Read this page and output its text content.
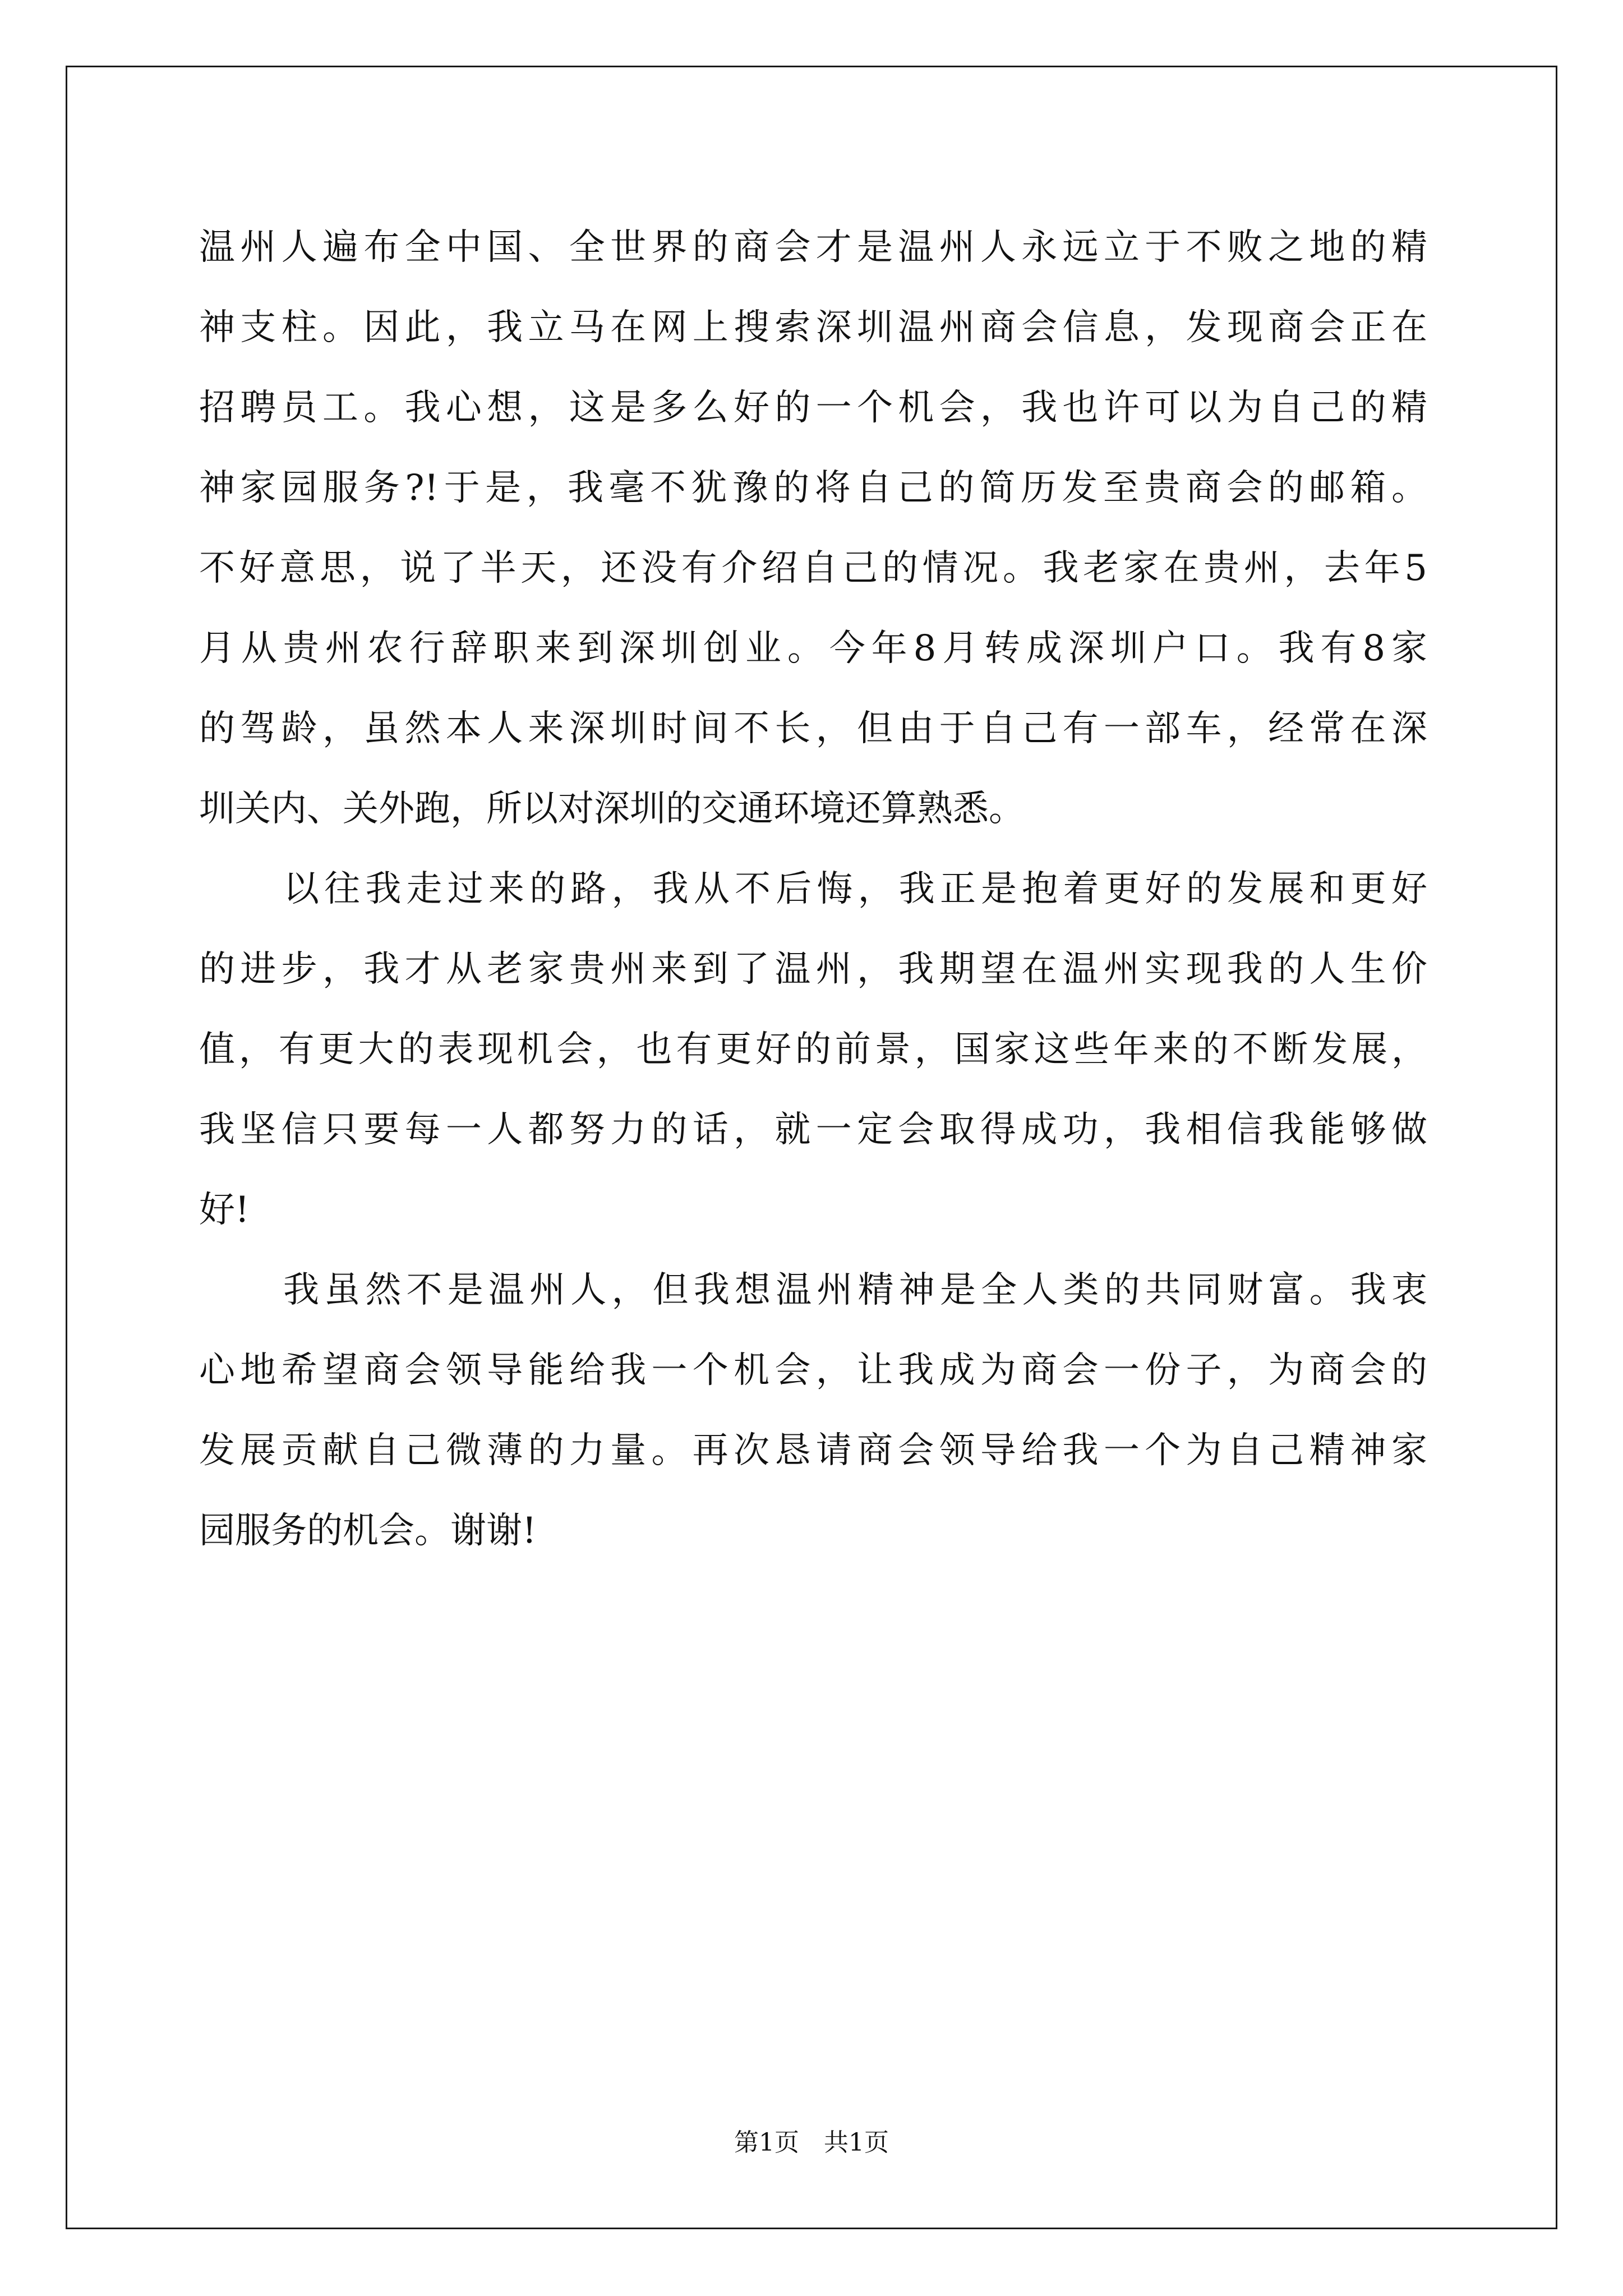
温州人遍布全中国、全世界的商会才是温州人永远立于不败之地的精
神支柱。因此，我立马在网上搜索深圳温州商会信息，发现商会正在
招聘员工。我心想，这是多么好的一个机会，我也许可以为自己的精
神家园服务?!于是，我毫不犹豫的将自己的简历发至贵商会的邮箱。
不好意思，说了半天，还没有介绍自己的情况。我老家在贵州，去年5
月从贵州农行辞职来到深圳创业。今年8月转成深圳户口。我有8家
的驾龄，虽然本人来深圳时间不长，但由于自己有一部车，经常在深
圳关内、关外跑，所以对深圳的交通环境还算熟悉。
以往我走过来的路，我从不后悔，我正是抱着更好的发展和更好
的进步，我才从老家贵州来到了温州，我期望在温州实现我的人生价
值，有更大的表现机会，也有更好的前景，国家这些年来的不断发展，
我坚信只要每一人都努力的话，就一定会取得成功，我相信我能够做
好!
我虽然不是温州人，但我想温州精神是全人类的共同财富。我衷
心地希望商会领导能给我一个机会，让我成为商会一份子，为商会的
发展贡献自己微薄的力量。再次恳请商会领导给我一个为自己精神家
园服务的机会。谢谢!
第1页　共1页
